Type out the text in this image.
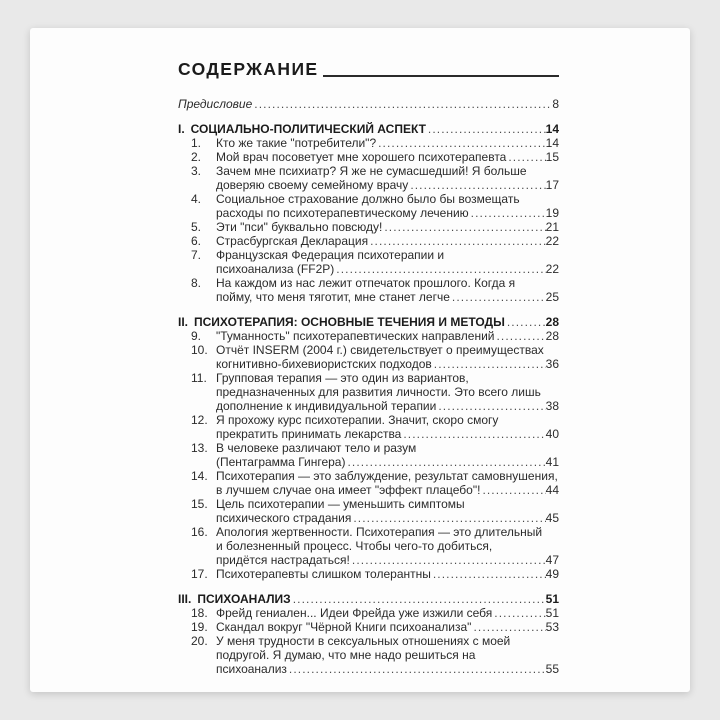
СОДЕРЖАНИЕ
Предисловие .....	8
I. СОЦИАЛЬНО-ПОЛИТИЧЕСКИЙ АСПЕКТ .....	14
1.	Кто же такие "потребители"? .....	14
2.	Мой врач посоветует мне хорошего психотерапевта .....	15
3.	Зачем мне психиатр? Я же не сумасшедший! Я больше
доверяю своему семейному врачу .....	17
4.	Социальное страхование должно было бы возмещать
расходы по психотерапевтическому лечению .....	19
5.	Эти "пси" буквально повсюду! .....	21
6.	Страсбургская Декларация .....	22
7.	Французская Федерация психотерапии и
психоанализа (FF2P) .....	22
8.	На каждом из нас лежит отпечаток прошлого. Когда я
пойму, что меня тяготит, мне станет легче .....	25
II. ПСИХОТЕРАПИЯ: ОСНОВНЫЕ ТЕЧЕНИЯ И МЕТОДЫ .....	28
9.	"Туманность" психотерапевтических направлений .....	28
10. Отчёт INSERM (2004 г.) свидетельствует о преимуществах
когнитивно-бихевиористских подходов .....	36
11. Групповая терапия — это один из вариантов,
предназначенных для развития личности. Это всего лишь
дополнение к индивидуальной терапии .....	38
12. Я прохожу курс психотерапии. Значит, скоро смогу
прекратить принимать лекарства .....	40
13. В человеке различают тело и разум
(Пентаграмма Гингера) .....	41
14. Психотерапия — это заблуждение, результат самовнушения,
в лучшем случае она имеет "эффект плацебо"! .....	44
15. Цель психотерапии — уменьшить симптомы
психического страдания .....	45
16. Апология жертвенности. Психотерапия — это длительный
и болезненный процесс. Чтобы чего-то добиться,
придётся настрадаться! .....	47
17. Психотерапевты слишком толерантны .....	49
III. ПСИХОАНАЛИЗ .....	51
18. Фрейд гениален... Идеи Фрейда уже изжили себя .....	51
19. Скандал вокруг "Чёрной Книги психоанализа" .....	53
20. У меня трудности в сексуальных отношениях с моей
подругой. Я думаю, что мне надо решиться на
психоанализ .....	55
